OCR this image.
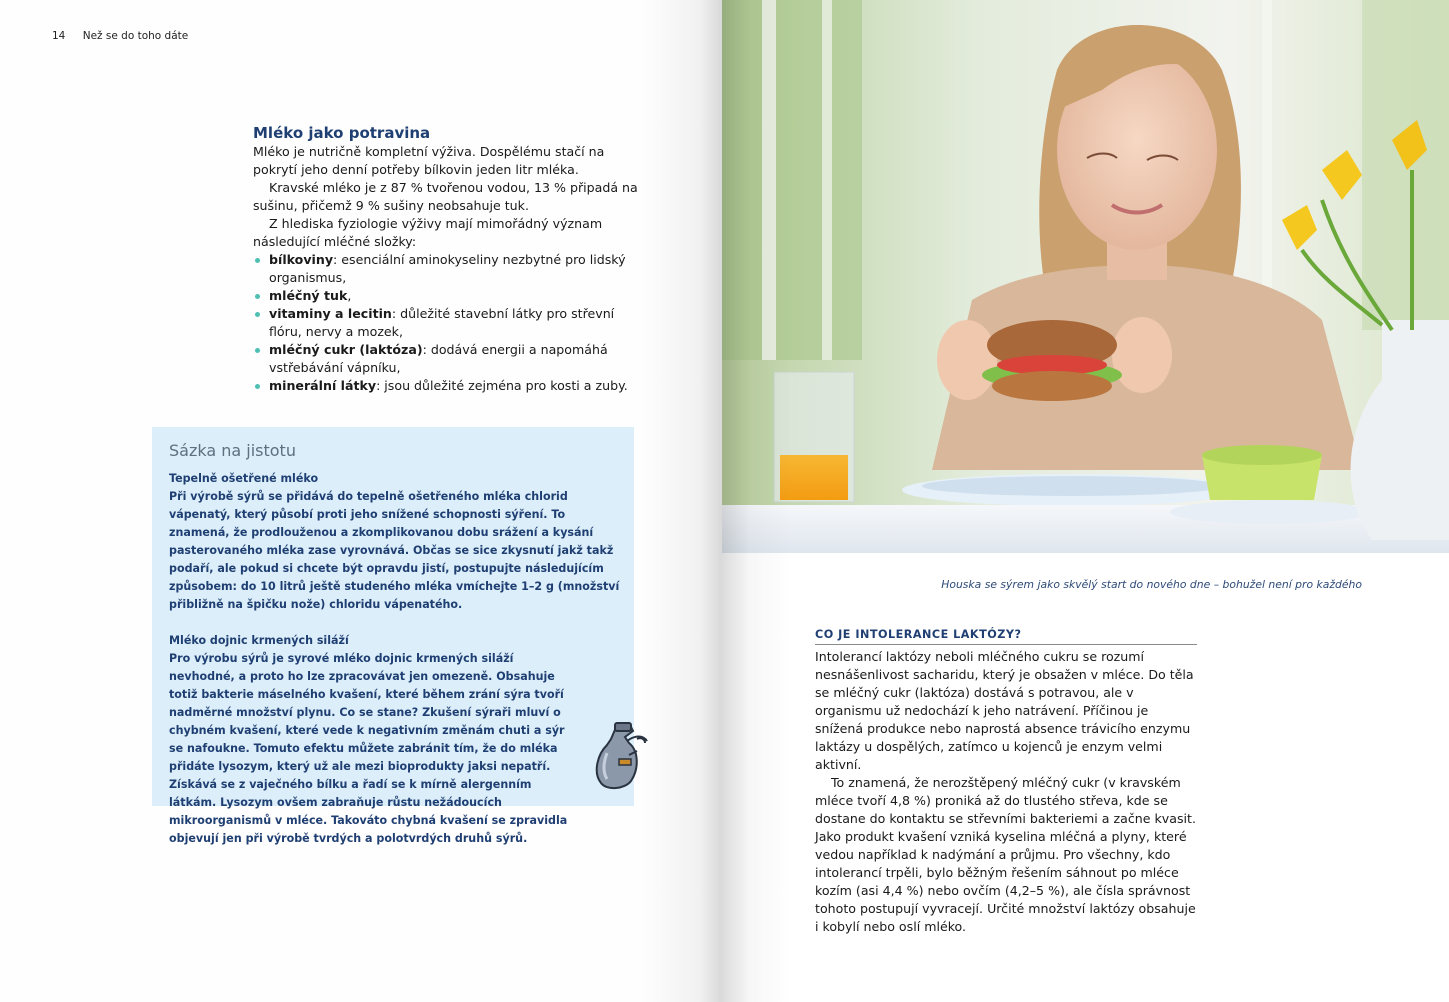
14 Než se do toho dáte
Mléko jako potravina

Mléko je nutričně kompletní výživa. Dospělému stačí na pokrytí jeho denní potřeby bílkovin jeden litr mléka.

Kravské mléko je z 87 % tvořenou vodou, 13 % připadá na sušinu, přičemž 9 % sušiny neobsahuje tuk.

Z hlediska fyziologie výživy mají mimořádný význam následující mléčné složky:

bílkoviny: esenciální aminokyseliny nezbytné pro lidský organismus,
mléčný tuk,
vitaminy a lecitin: důležité stavební látky pro střevní flóru, nervy a mozek,
mléčný cukr (laktóza): dodává energii a napomáhá vstřebávání vápníku,
minerální látky: jsou důležité zejména pro kosti a zuby.
Sázka na jistotu

Tepelně ošetřené mléko

Při výrobě sýrů se přidává do tepelně ošetřeného mléka chlorid vápenatý, který působí proti jeho snížené schopnosti sýření. To znamená, že prodlouženou a zkomplikovanou dobu srážení a kysání pasterovaného mléka zase vyrovnává. Občas se sice zkysnutí jakž takž podaří, ale pokud si chcete být opravdu jistí, postupujte následujícím způsobem: do 10 litrů ještě studeného mléka vmíchejte 1–2 g (množství přibližně na špičku nože) chloridu vápenatého.

Mléko dojnic krmených siláží

Pro výrobu sýrů je syrové mléko dojnic krmených siláží nevhodné, a proto ho lze zpracovávat jen omezeně. Obsahuje totiž bakterie máselného kvašení, které během zrání sýra tvoří nadměrné množství plynu. Co se stane? Zkušení sýraři mluví o chybném kvašení, které vede k negativním změnám chuti a sýr se nafoukne. Tomuto efektu můžete zabránit tím, že do mléka přidáte lysozym, který už ale mezi bioprodukty jaksi nepatří. Získává se z vaječného bílku a řadí se k mírně alergenním látkám. Lysozym ovšem zabraňuje růstu nežádoucích mikroorganismů v mléce. Takováto chybná kvašení se zpravidla objevují jen při výrobě tvrdých a polotvrdých druhů sýrů.

Houska se sýrem jako skvělý start do nového dne – bohužel není pro každého
CO JE INTOLERANCE LAKTÓZY?

Intolerancí laktózy neboli mléčného cukru se rozumí nesnášenlivost sacharidu, který je obsažen v mléce. Do těla se mléčný cukr (laktóza) dostává s potravou, ale v organismu už nedochází k jeho natrávení. Příčinou je snížená produkce nebo naprostá absence trávicího enzymu laktázy u dospělých, zatímco u kojenců je enzym velmi aktivní.

To znamená, že nerozštěpený mléčný cukr (v kravském mléce tvoří 4,8 %) proniká až do tlustého střeva, kde se dostane do kontaktu se střevními bakteriemi a začne kvasit. Jako produkt kvašení vzniká kyselina mléčná a plyny, které vedou například k nadýmání a průjmu. Pro všechny, kdo intolerancí trpěli, bylo běžným řešením sáhnout po mléce kozím (asi 4,4 %) nebo ovčím (4,2–5 %), ale čísla správnost tohoto postupují vyvracejí. Určité množství laktózy obsahuje i kobylí nebo oslí mléko.
